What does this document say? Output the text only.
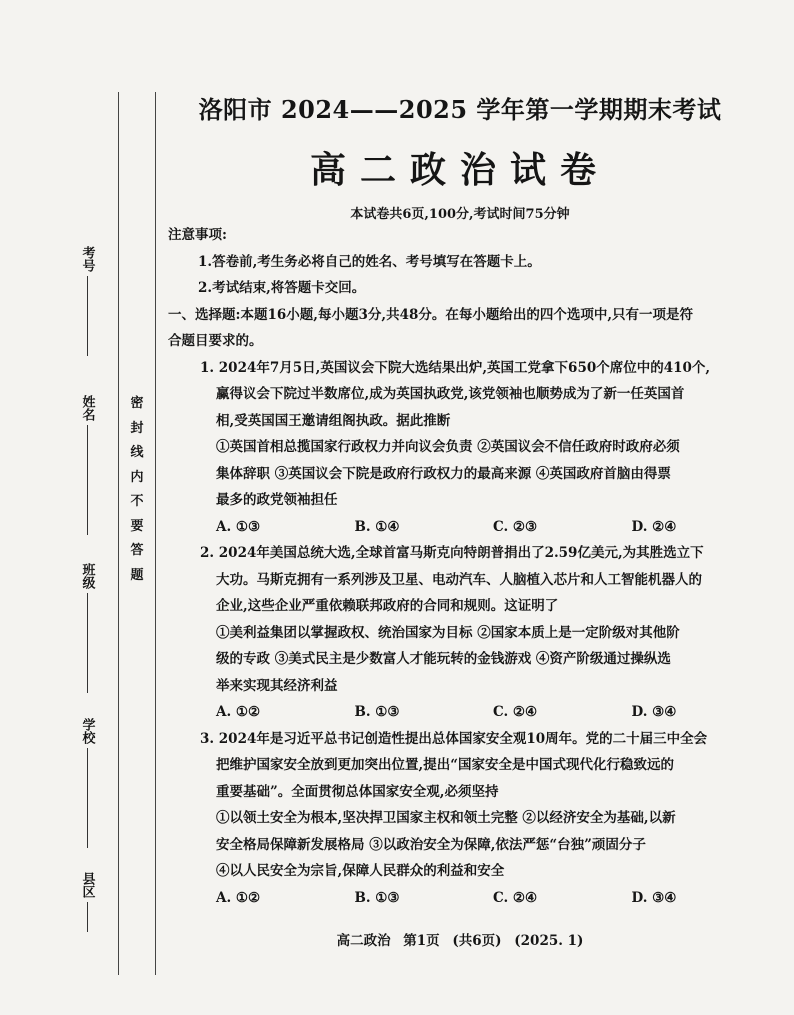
考号
姓名
班级
学校
县区
密
封
线
内
不
要
答
题
洛阳市 2024——2025 学年第一学期期末考试
高二政治试卷
本试卷共6页,100分,考试时间75分钟
注意事项:
1.答卷前,考生务必将自己的姓名、考号填写在答题卡上。
2.考试结束,将答题卡交回。
一、选择题:本题16小题,每小题3分,共48分。在每小题给出的四个选项中,只有一项是符
合题目要求的。
1. 2024年7月5日,英国议会下院大选结果出炉,英国工党拿下650个席位中的410个,
赢得议会下院过半数席位,成为英国执政党,该党领袖也顺势成为了新一任英国首
相,受英国国王邀请组阁执政。据此推断
①英国首相总揽国家行政权力并向议会负责 ②英国议会不信任政府时政府必须
集体辞职 ③英国议会下院是政府行政权力的最高来源 ④英国政府首脑由得票
最多的政党领袖担任
A. ①③	B. ①④	C. ②③	D. ②④
2. 2024年美国总统大选,全球首富马斯克向特朗普捐出了2.59亿美元,为其胜选立下
大功。马斯克拥有一系列涉及卫星、电动汽车、人脑植入芯片和人工智能机器人的
企业,这些企业严重依赖联邦政府的合同和规则。这证明了
①美利益集团以掌握政权、统治国家为目标 ②国家本质上是一定阶级对其他阶
级的专政 ③美式民主是少数富人才能玩转的金钱游戏 ④资产阶级通过操纵选
举来实现其经济利益
A. ①②	B. ①③	C. ②④	D. ③④
3. 2024年是习近平总书记创造性提出总体国家安全观10周年。党的二十届三中全会
把维护国家安全放到更加突出位置,提出“国家安全是中国式现代化行稳致远的
重要基础”。全面贯彻总体国家安全观,必须坚持
①以领土安全为根本,坚决捍卫国家主权和领土完整 ②以经济安全为基础,以新
安全格局保障新发展格局 ③以政治安全为保障,依法严惩“台独”顽固分子
④以人民安全为宗旨,保障人民群众的利益和安全
A. ①②	B. ①③	C. ②④	D. ③④
高二政治 第1页 (共6页) (2025. 1)
